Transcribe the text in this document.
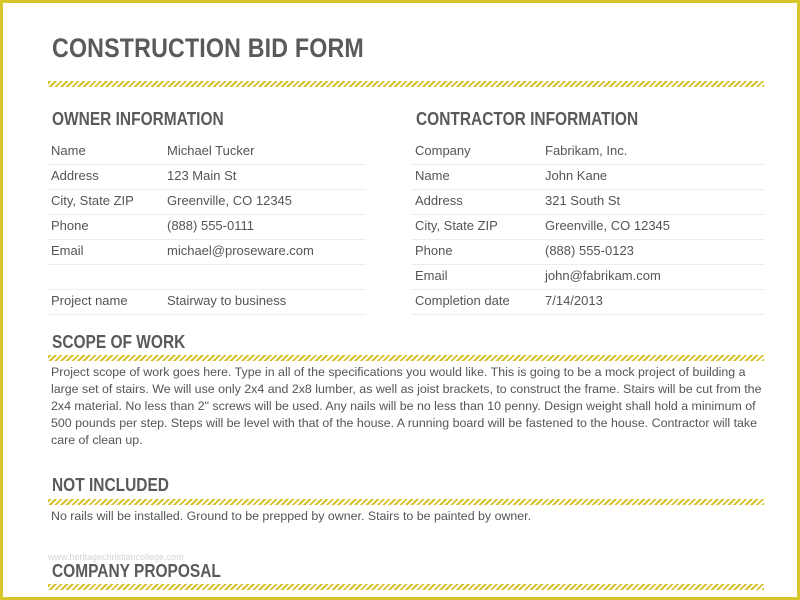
CONSTRUCTION BID FORM
OWNER INFORMATION
Name	Michael Tucker
Address	123 Main St
City, State ZIP	Greenville, CO 12345
Phone	(888) 555-0111
Email	michael@proseware.com
Project name	Stairway to business
CONTRACTOR INFORMATION
Company	Fabrikam, Inc.
Name	John Kane
Address	321 South St
City, State ZIP	Greenville, CO 12345
Phone	(888) 555-0123
Email	john@fabrikam.com
Completion date	7/14/2013
SCOPE OF WORK

Project scope of work goes here. Type in all of the specifications you would like. This is going to be a mock project of building a large set of stairs. We will use only 2x4 and 2x8 lumber, as well as joist brackets, to construct the frame. Stairs will be cut from the 2x4 material. No less than 2" screws will be used. Any nails will be no less than 10 penny. Design weight shall hold a minimum of 500 pounds per step. Steps will be level with that of the house. A running board will be fastened to the house. Contractor will take care of clean up.

NOT INCLUDED

No rails will be installed. Ground to be prepped by owner. Stairs to be painted by owner.

www.heritagechristiancollege.com
COMPANY PROPOSAL
